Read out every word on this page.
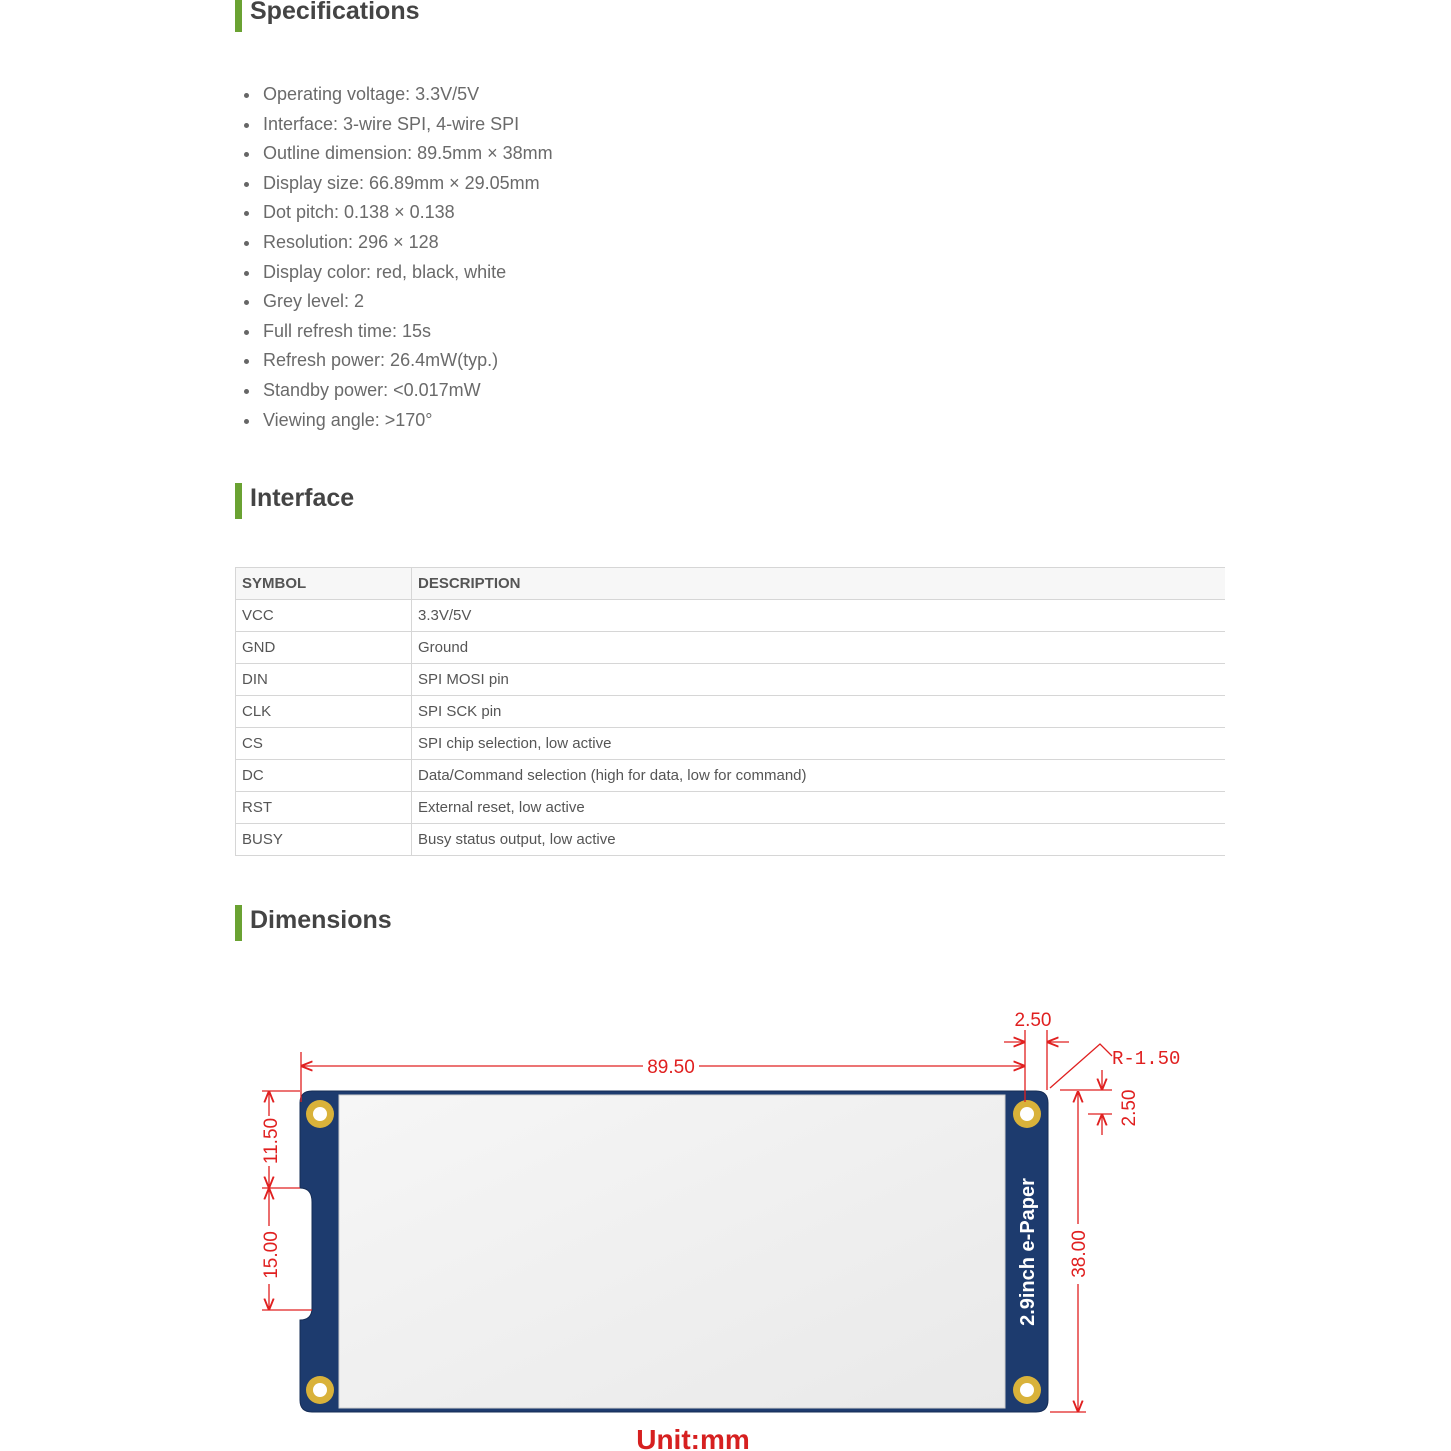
Specifications
Operating voltage: 3.3V/5V
Interface: 3-wire SPI, 4-wire SPI
Outline dimension: 89.5mm × 38mm
Display size: 66.89mm × 29.05mm
Dot pitch: 0.138 × 0.138
Resolution: 296 × 128
Display color: red, black, white
Grey level: 2
Full refresh time: 15s
Refresh power: 26.4mW(typ.)
Standby power: <0.017mW
Viewing angle: >170°
Interface
SYMBOL	DESCRIPTION
VCC	3.3V/5V
GND	Ground
DIN	SPI MOSI pin
CLK	SPI SCK pin
CS	SPI chip selection, low active
DC	Data/Command selection (high for data, low for command)
RST	External reset, low active
BUSY	Busy status output, low active
Dimensions
2.9inch e-Paper
89.50
2.50
R-1.50
2.50
38.00
11.50
15.00
Unit:mm
